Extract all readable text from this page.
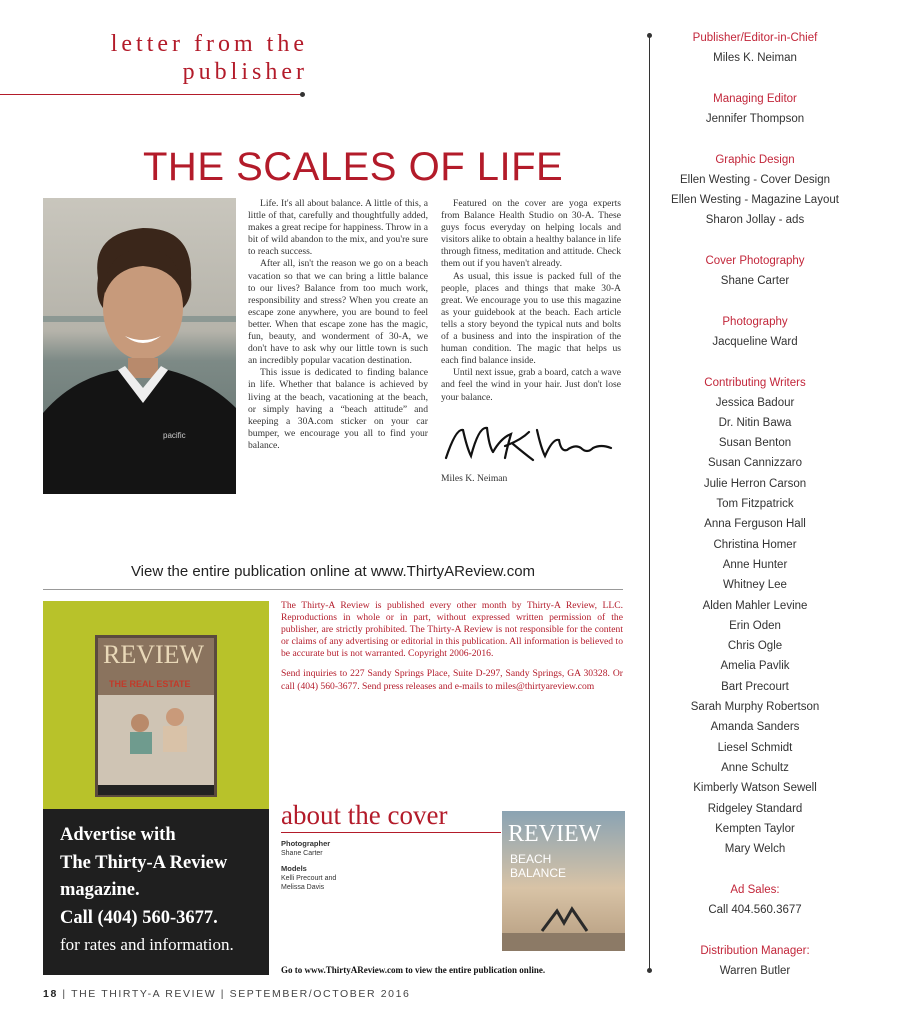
letter from the
publisher
THE SCALES OF LIFE
pacific

Life. It's all about balance. A little of this, a little of that, carefully and thoughtfully added, makes a great recipe for happiness. Throw in a bit of wild abandon to the mix, and you're sure to reach success.

After all, isn't the reason we go on a beach vacation so that we can bring a little balance to our lives? Balance from too much work, responsibility and stress? When you create an escape zone anywhere, you are bound to feel better. When that escape zone has the magic, fun, beauty, and wonderment of 30-A, we don't have to ask why our little town is such an incredibly popular vacation destination.

This issue is dedicated to finding balance in life. Whether that balance is achieved by living at the beach, vacationing at the beach, or simply having a “beach attitude” and keeping a 30A.com sticker on your car bumper, we encourage you all to find your balance.

Featured on the cover are yoga experts from Balance Health Studio on 30-A. These guys focus everyday on helping locals and visitors alike to obtain a healthy balance in life through fitness, meditation and attitude. Check them out if you haven't already.

As usual, this issue is packed full of the people, places and things that make 30-A great. We encourage you to use this magazine as your guidebook at the beach. Each article tells a story beyond the typical nuts and bolts of a business and into the inspiration of the human condition. The magic that helps us each find balance inside.

Until next issue, grab a board, catch a wave and feel the wind in your hair. Just don't lose your balance.

Miles K. Neiman
View the entire publication online at www.ThirtyAReview.com
REVIEW
THE REAL ESTATE
Advertise with
The Thirty-A Review
magazine.
Call (404) 560-3677.
for rates and information.

The Thirty-A Review is published every other month by Thirty-A Review, LLC. Reproductions in whole or in part, without expressed written permission of the publisher, are strictly prohibited. The Thirty-A Review is not responsible for the content or claims of any advertising or editorial in this publication. All information is believed to be accurate but is not warranted. Copyright 2006-2016.

Send inquiries to 227 Sandy Springs Place, Suite D-297, Sandy Springs, GA 30328. Or call (404) 560-3677. Send press releases and e-mails to miles@thirtyareview.com

about the cover
Photographer
Shane Carter
Models
Kelli Precourt and
Melissa Davis
REVIEW
BEACH
BALANCE
Go to www.ThirtyAReview.com to view the entire publication online.
18 | THE THIRTY-A REVIEW | SEPTEMBER/OCTOBER 2016
Publisher/Editor-in-Chief
Miles K. Neiman
Managing Editor
Jennifer Thompson
Graphic Design
Ellen Westing - Cover Design
Ellen Westing - Magazine Layout
Sharon Jollay - ads
Cover Photography
Shane Carter
Photography
Jacqueline Ward
Contributing Writers
Jessica Badour
Dr. Nitin Bawa
Susan Benton
Susan Cannizzaro
Julie Herron Carson
Tom Fitzpatrick
Anna Ferguson Hall
Christina Homer
Anne Hunter
Whitney Lee
Alden Mahler Levine
Erin Oden
Chris Ogle
Amelia Pavlik
Bart Precourt
Sarah Murphy Robertson
Amanda Sanders
Liesel Schmidt
Anne Schultz
Kimberly Watson Sewell
Ridgeley Standard
Kempten Taylor
Mary Welch
Ad Sales:
Call 404.560.3677
Distribution Manager:
Warren Butler
